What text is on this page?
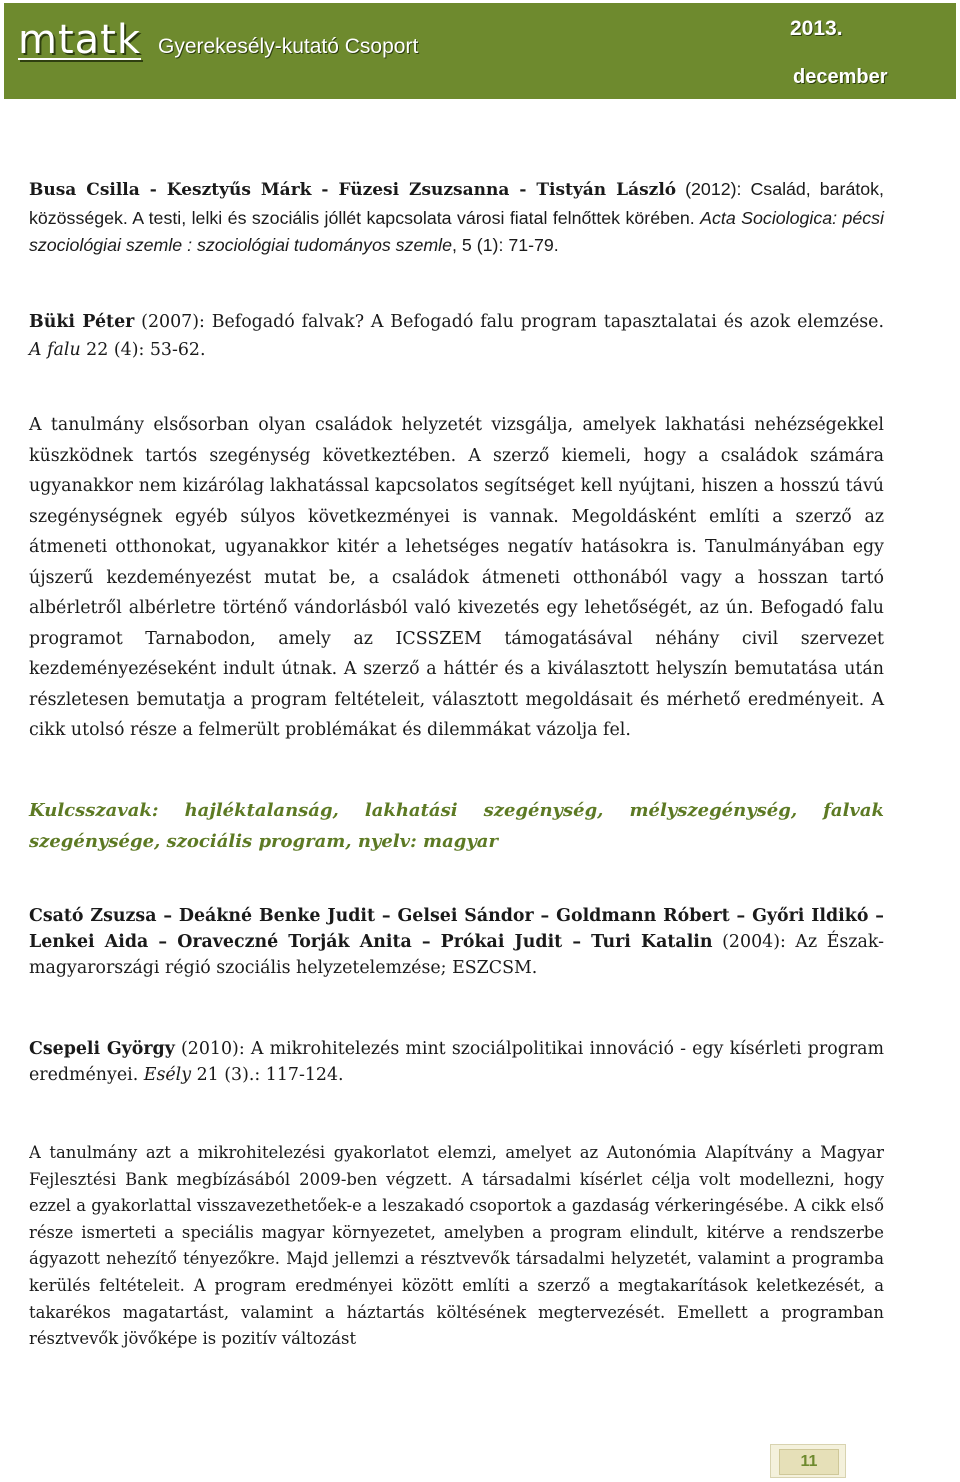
mtatk Gyerekesély-kutató Csoport
2013.
december
Busa Csilla - Kesztyűs Márk - Füzesi Zsuzsanna - Tistyán László (2012): Család, barátok, közösségek. A testi, lelki és szociális jóllét kapcsolata városi fiatal felnőttek körében. Acta Sociologica: pécsi szociológiai szemle : szociológiai tudományos szemle, 5 (1): 71-79.
Büki Péter (2007): Befogadó falvak? A Befogadó falu program tapasztalatai és azok elemzése. A falu 22 (4): 53-62.
A tanulmány elsősorban olyan családok helyzetét vizsgálja, amelyek lakhatási nehézségekkel küszködnek tartós szegénység következtében. A szerző kiemeli, hogy a családok számára ugyanakkor nem kizárólag lakhatással kapcsolatos segítséget kell nyújtani, hiszen a hosszú távú szegénységnek egyéb súlyos következményei is vannak. Megoldásként említi a szerző az átmeneti otthonokat, ugyanakkor kitér a lehetséges negatív hatásokra is. Tanulmányában egy újszerű kezdeményezést mutat be, a családok átmeneti otthonából vagy a hosszan tartó albérletről albérletre történő vándorlásból való kivezetés egy lehetőségét, az ún. Befogadó falu programot Tarnabodon, amely az ICSSZEM támogatásával néhány civil szervezet kezdeményezéseként indult útnak. A szerző a háttér és a kiválasztott helyszín bemutatása után részletesen bemutatja a program feltételeit, választott megoldásait és mérhető eredményeit. A cikk utolsó része a felmerült problémákat és dilemmákat vázolja fel.
Kulcsszavak: hajléktalanság, lakhatási szegénység, mélyszegénység, falvak szegénysége, szociális program, nyelv: magyar
Csató Zsuzsa – Deákné Benke Judit – Gelsei Sándor – Goldmann Róbert – Győri Ildikó – Lenkei Aida – Oraveczné Torják Anita – Prókai Judit – Turi Katalin (2004): Az Észak-magyarországi régió szociális helyzetelemzése; ESZCSM.
Csepeli György (2010): A mikrohitelezés mint szociálpolitikai innováció - egy kísérleti program eredményei. Esély 21 (3).: 117-124.
A tanulmány azt a mikrohitelezési gyakorlatot elemzi, amelyet az Autonómia Alapítvány a Magyar Fejlesztési Bank megbízásából 2009-ben végzett. A társadalmi kísérlet célja volt modellezni, hogy ezzel a gyakorlattal visszavezethetőek-e a leszakadó csoportok a gazdaság vérkeringésébe. A cikk első része ismerteti a speciális magyar környezetet, amelyben a program elindult, kitérve a rendszerbe ágyazott nehezítő tényezőkre. Majd jellemzi a résztvevők társadalmi helyzetét, valamint a programba kerülés feltételeit. A program eredményei között említi a szerző a megtakarítások keletkezését, a takarékos magatartást, valamint a háztartás költésének megtervezését. Emellett a programban résztvevők jövőképe is pozitív változást
11
